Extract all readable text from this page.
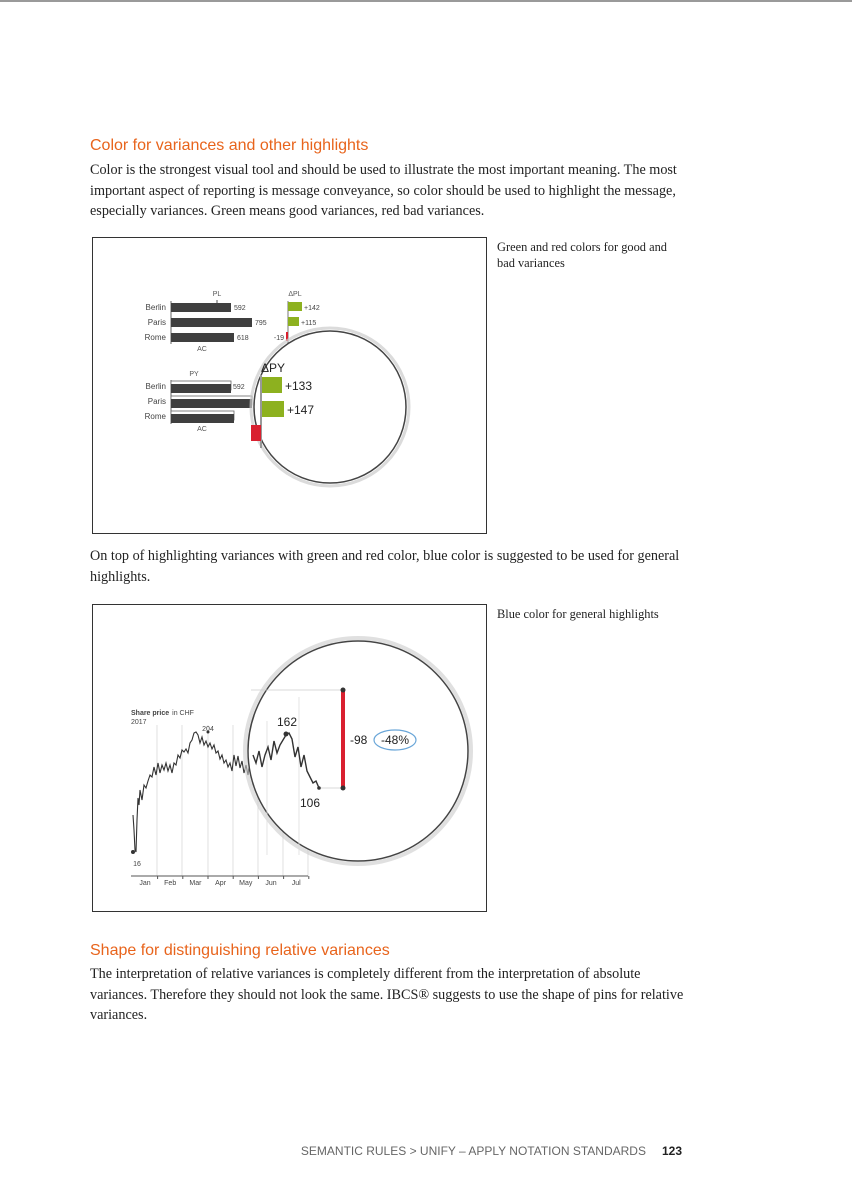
Color for variances and other highlights

Color is the strongest visual tool and should be used to illustrate the most important meaning. The most important aspect of reporting is message conveyance, so color should be used to highlight the message, especially variances. Green means good variances, red bad variances.

PL	ΔPL
Berlin
Paris
Rome
592
795
618
AC
+142
+115
-19
PY
Berlin
Paris
Rome
592
AC
ΔPY
+133
+147

Green and red colors for good and bad variances

On top of highlighting variances with green and red color, blue color is suggested to be used for general highlights.

Share price in CHF
2017
Jan Feb Mar Apr May Jun Jul
16
204
162
106
-98 -48%

Blue color for general highlights

Shape for distinguishing relative variances

The interpretation of relative variances is completely different from the interpretation of absolute variances. Therefore they should not look the same. IBCS® suggests to use the shape of pins for relative variances.

SEMANTIC RULES > UNIFY – APPLY NOTATION STANDARDS 123
